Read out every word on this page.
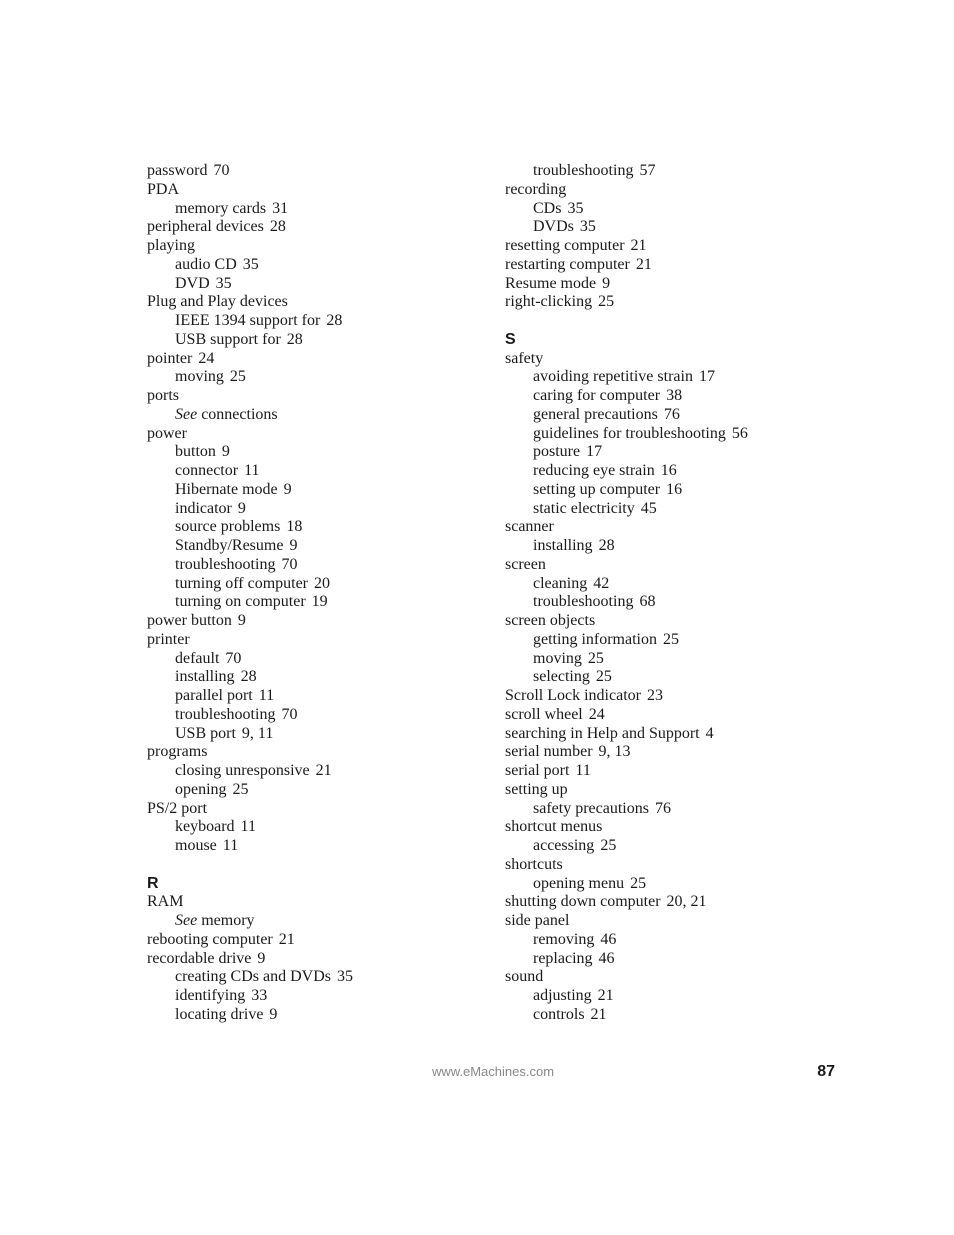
password 70
PDA
memory cards 31
peripheral devices 28
playing
audio CD 35
DVD 35
Plug and Play devices
IEEE 1394 support for 28
USB support for 28
pointer 24
moving 25
ports
See connections
power
button 9
connector 11
Hibernate mode 9
indicator 9
source problems 18
Standby/Resume 9
troubleshooting 70
turning off computer 20
turning on computer 19
power button 9
printer
default 70
installing 28
parallel port 11
troubleshooting 70
USB port 9, 11
programs
closing unresponsive 21
opening 25
PS/2 port
keyboard 11
mouse 11
R
RAM
See memory
rebooting computer 21
recordable drive 9
creating CDs and DVDs 35
identifying 33
locating drive 9
troubleshooting 57
recording
CDs 35
DVDs 35
resetting computer 21
restarting computer 21
Resume mode 9
right-clicking 25
S
safety
avoiding repetitive strain 17
caring for computer 38
general precautions 76
guidelines for troubleshooting 56
posture 17
reducing eye strain 16
setting up computer 16
static electricity 45
scanner
installing 28
screen
cleaning 42
troubleshooting 68
screen objects
getting information 25
moving 25
selecting 25
Scroll Lock indicator 23
scroll wheel 24
searching in Help and Support 4
serial number 9, 13
serial port 11
setting up
safety precautions 76
shortcut menus
accessing 25
shortcuts
opening menu 25
shutting down computer 20, 21
side panel
removing 46
replacing 46
sound
adjusting 21
controls 21
www.eMachines.com	87
